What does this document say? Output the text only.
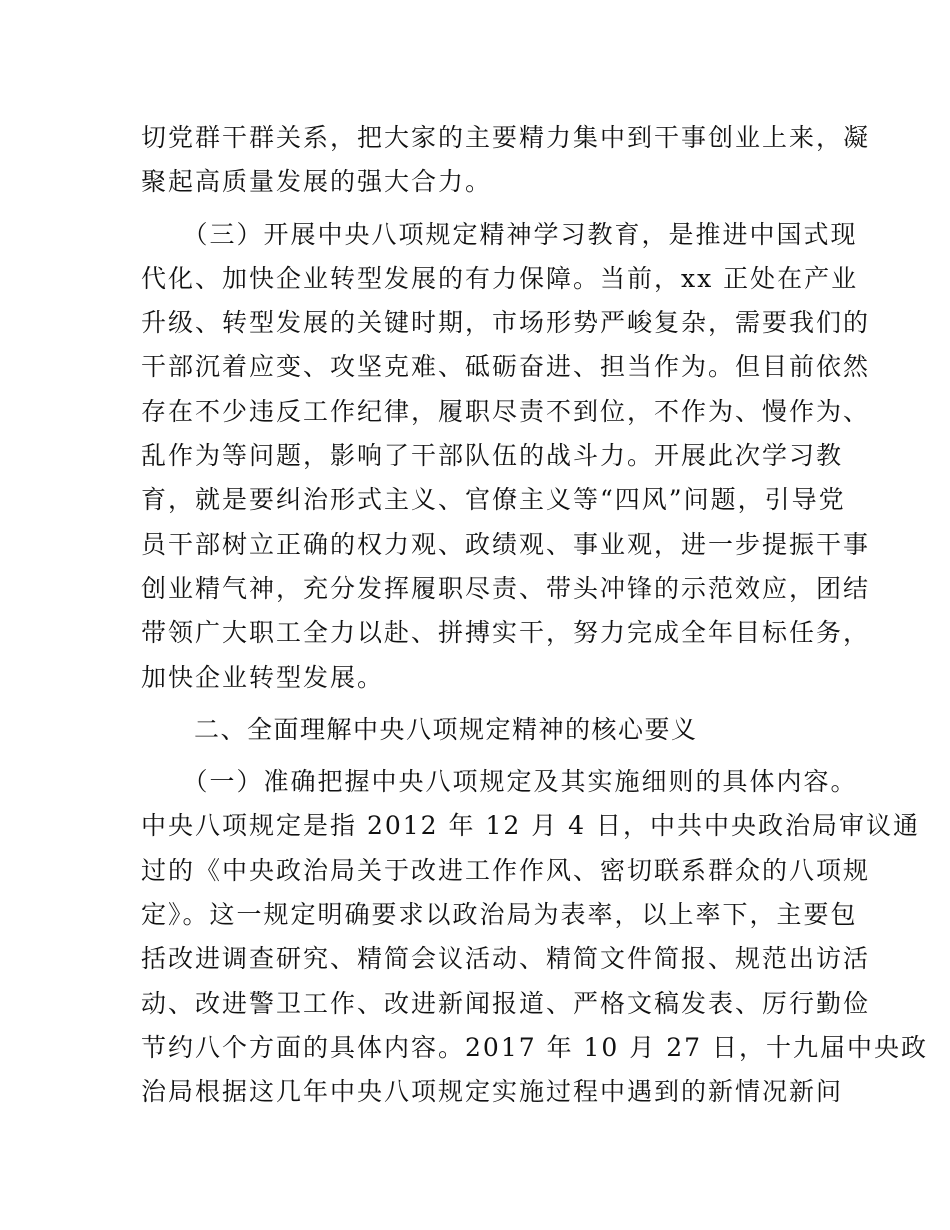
切党群干群关系，把大家的主要精力集中到干事创业上来，凝
聚起高质量发展的强大合力。
　　（三）开展中央八项规定精神学习教育，是推进中国式现
代化、加快企业转型发展的有力保障。当前，xx 正处在产业
升级、转型发展的关键时期，市场形势严峻复杂，需要我们的
干部沉着应变、攻坚克难、砥砺奋进、担当作为。但目前依然
存在不少违反工作纪律，履职尽责不到位，不作为、慢作为、
乱作为等问题，影响了干部队伍的战斗力。开展此次学习教
育，就是要纠治形式主义、官僚主义等“四风”问题，引导党
员干部树立正确的权力观、政绩观、事业观，进一步提振干事
创业精气神，充分发挥履职尽责、带头冲锋的示范效应，团结
带领广大职工全力以赴、拼搏实干，努力完成全年目标任务，
加快企业转型发展。
　　二、全面理解中央八项规定精神的核心要义
　　（一）准确把握中央八项规定及其实施细则的具体内容。
中央八项规定是指 2012 年 12 月 4 日，中共中央政治局审议通
过的《中央政治局关于改进工作作风、密切联系群众的八项规
定》。这一规定明确要求以政治局为表率，以上率下，主要包
括改进调查研究、精简会议活动、精简文件简报、规范出访活
动、改进警卫工作、改进新闻报道、严格文稿发表、厉行勤俭
节约八个方面的具体内容。2017 年 10 月 27 日，十九届中央政
治局根据这几年中央八项规定实施过程中遇到的新情况新问
